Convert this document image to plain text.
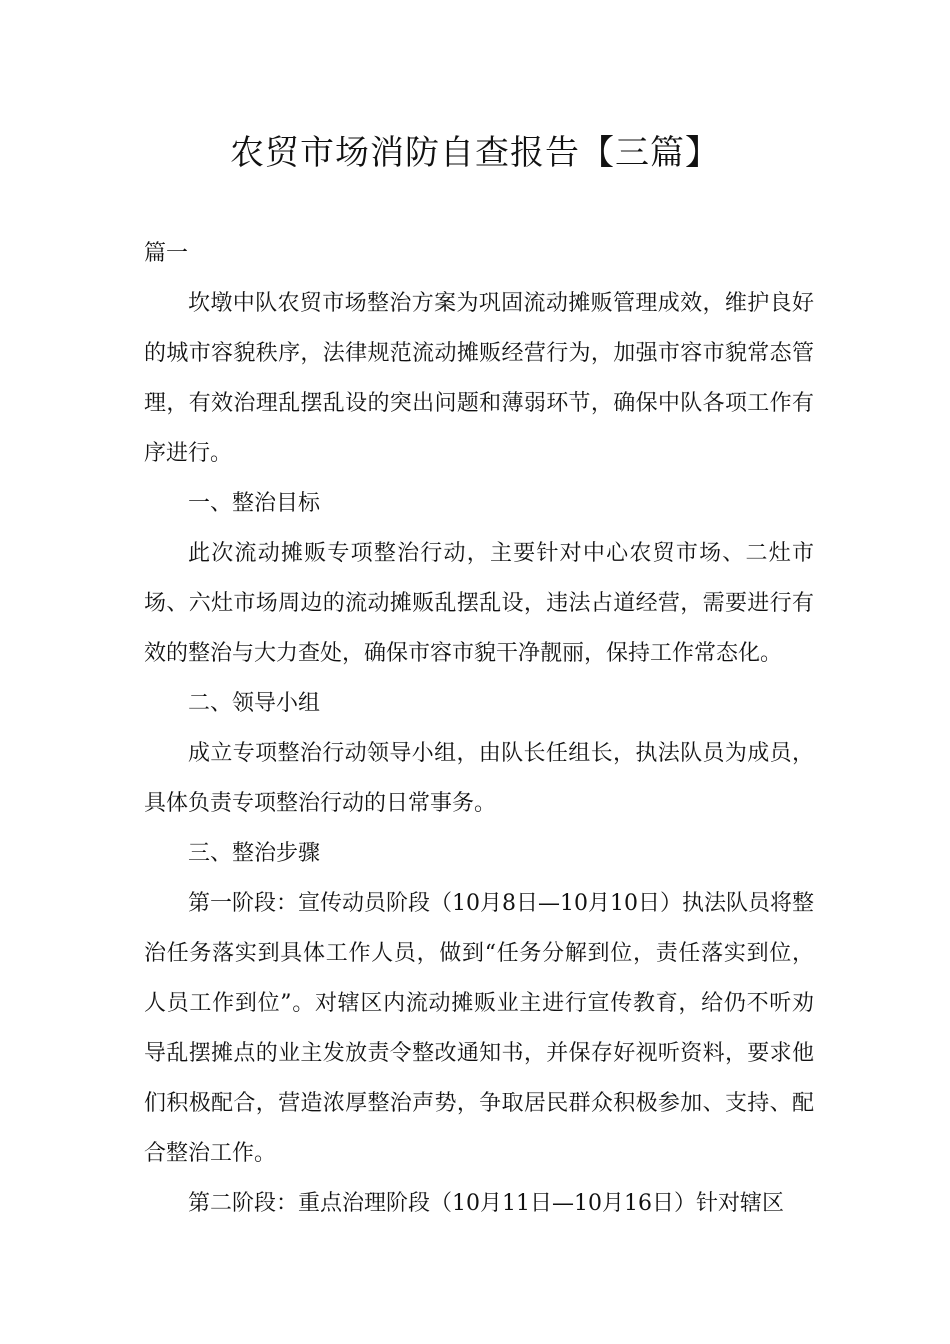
农贸市场消防自查报告【三篇】

篇一

坎墩中队农贸市场整治方案为巩固流动摊贩管理成效，维护良好的城市容貌秩序，法律规范流动摊贩经营行为，加强市容市貌常态管理，有效治理乱摆乱设的突出问题和薄弱环节，确保中队各项工作有序进行。

一、整治目标

此次流动摊贩专项整治行动，主要针对中心农贸市场、二灶市场、六灶市场周边的流动摊贩乱摆乱设，违法占道经营，需要进行有效的整治与大力查处，确保市容市貌干净靓丽，保持工作常态化。

二、领导小组

成立专项整治行动领导小组，由队长任组长，执法队员为成员，具体负责专项整治行动的日常事务。

三、整治步骤

第一阶段：宣传动员阶段（10月8日—10月10日）执法队员将整治任务落实到具体工作人员，做到“任务分解到位，责任落实到位，人员工作到位”。对辖区内流动摊贩业主进行宣传教育，给仍不听劝导乱摆摊点的业主发放责令整改通知书，并保存好视听资料，要求他们积极配合，营造浓厚整治声势，争取居民群众积极参加、支持、配合整治工作。

第二阶段：重点治理阶段（10月11日—10月16日）针对辖区
